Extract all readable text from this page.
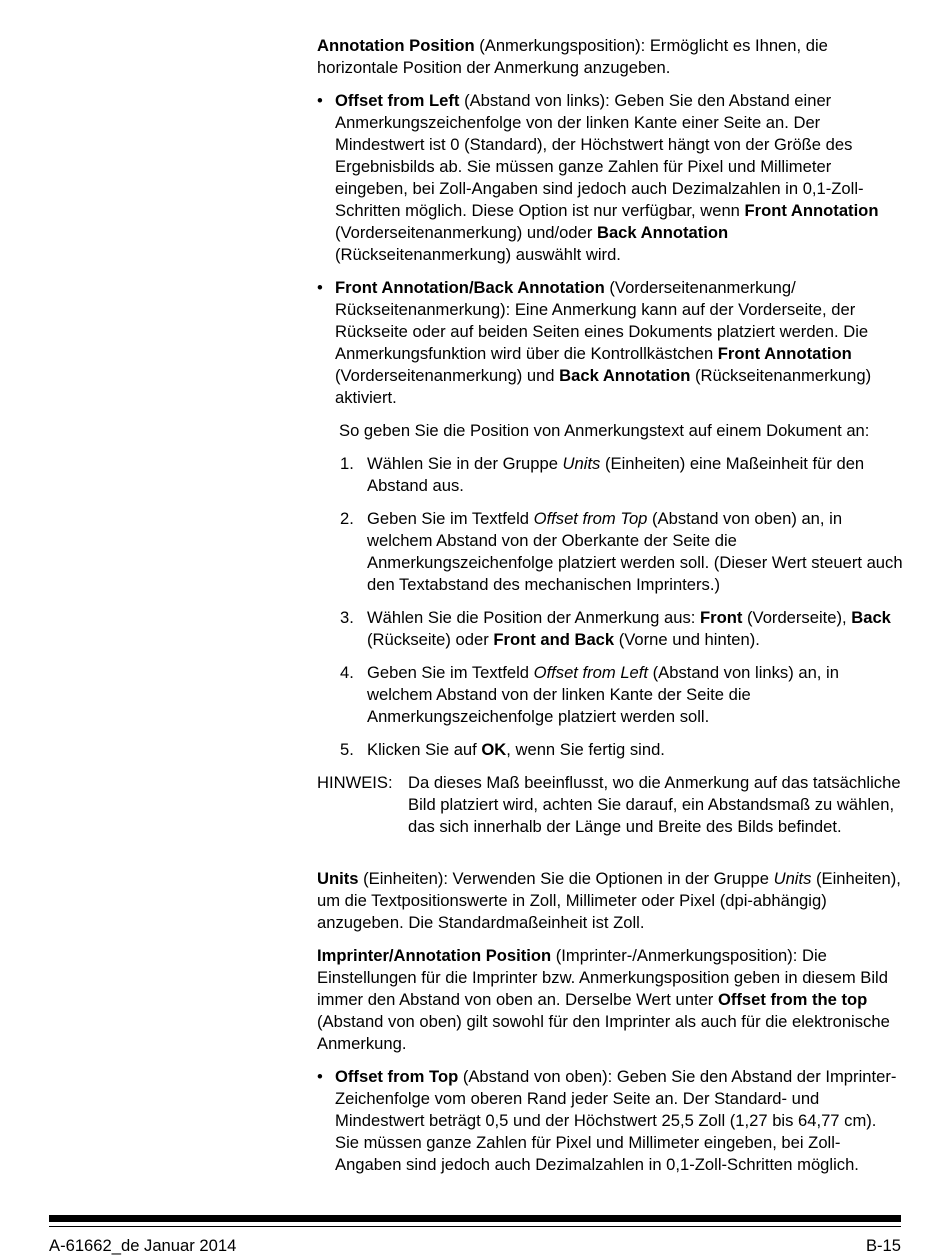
Annotation Position (Anmerkungsposition): Ermöglicht es Ihnen, die horizontale Position der Anmerkung anzugeben.

• Offset from Left (Abstand von links): Geben Sie den Abstand einer Anmerkungszeichenfolge von der linken Kante einer Seite an. Der Mindestwert ist 0 (Standard), der Höchstwert hängt von der Größe des Ergebnisbilds ab. Sie müssen ganze Zahlen für Pixel und Millimeter eingeben, bei Zoll-Angaben sind jedoch auch Dezimalzahlen in 0,1-Zoll-Schritten möglich. Diese Option ist nur verfügbar, wenn Front Annotation (Vorderseitenanmerkung) und/oder Back Annotation (Rückseitenanmerkung) auswählt wird.
• Front Annotation/Back Annotation (Vorderseitenanmerkung/ Rückseitenanmerkung): Eine Anmerkung kann auf der Vorderseite, der Rückseite oder auf beiden Seiten eines Dokuments platziert werden. Die Anmerkungsfunktion wird über die Kontrollkästchen Front Annotation (Vorderseitenanmerkung) und Back Annotation (Rückseitenanmerkung) aktiviert.

So geben Sie die Position von Anmerkungstext auf einem Dokument an:

1. Wählen Sie in der Gruppe Units (Einheiten) eine Maßeinheit für den Abstand aus.
2. Geben Sie im Textfeld Offset from Top (Abstand von oben) an, in welchem Abstand von der Oberkante der Seite die Anmerkungszeichenfolge platziert werden soll. (Dieser Wert steuert auch den Textabstand des mechanischen Imprinters.)
3. Wählen Sie die Position der Anmerkung aus: Front (Vorderseite), Back (Rückseite) oder Front and Back (Vorne und hinten).
4. Geben Sie im Textfeld Offset from Left (Abstand von links) an, in welchem Abstand von der linken Kante der Seite die Anmerkungszeichenfolge platziert werden soll.
5. Klicken Sie auf OK, wenn Sie fertig sind.
HINWEIS: Da dieses Maß beeinflusst, wo die Anmerkung auf das tatsächliche Bild platziert wird, achten Sie darauf, ein Abstandsmaß zu wählen, das sich innerhalb der Länge und Breite des Bilds befindet.

Units (Einheiten): Verwenden Sie die Optionen in der Gruppe Units (Einheiten), um die Textpositionswerte in Zoll, Millimeter oder Pixel (dpi-abhängig) anzugeben. Die Standardmaßeinheit ist Zoll.

Imprinter/Annotation Position (Imprinter-/Anmerkungsposition): Die Einstellungen für die Imprinter bzw. Anmerkungsposition geben in diesem Bild immer den Abstand von oben an. Derselbe Wert unter Offset from the top (Abstand von oben) gilt sowohl für den Imprinter als auch für die elektronische Anmerkung.

• Offset from Top (Abstand von oben): Geben Sie den Abstand der Imprinter-Zeichenfolge vom oberen Rand jeder Seite an. Der Standard- und Mindestwert beträgt 0,5 und der Höchstwert 25,5 Zoll (1,27 bis 64,77 cm). Sie müssen ganze Zahlen für Pixel und Millimeter eingeben, bei Zoll-Angaben sind jedoch auch Dezimalzahlen in 0,1-Zoll-Schritten möglich.
A-61662_de Januar 2014	B-15
